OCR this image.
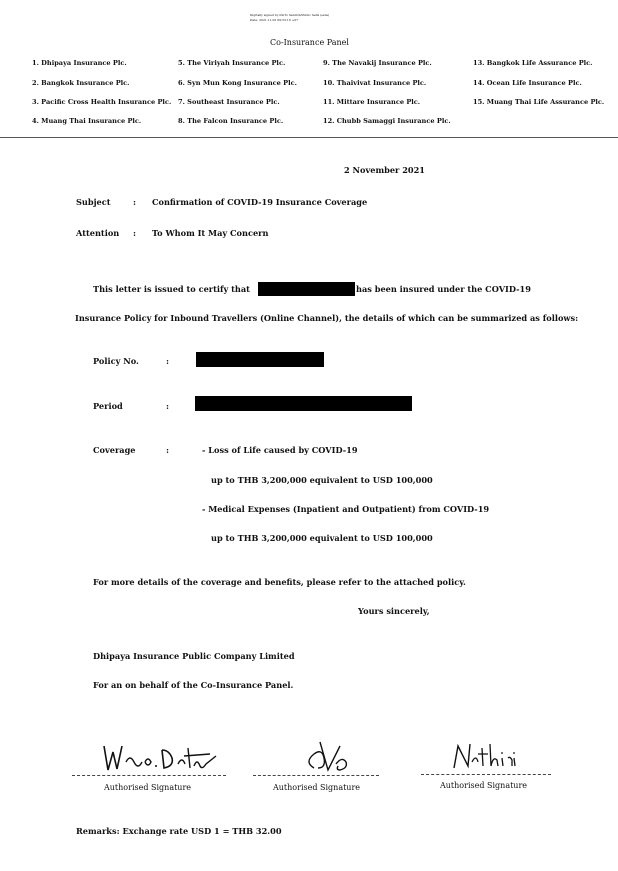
Digitally signed by nSiTo Sanitch/Public Sells (sens)
Date: 2021.11.02 09:53:16 +07
Co-Insurance Panel
1. Dhipaya Insurance Plc.	5. The Viriyah Insurance Plc.	9. The Navakij Insurance Plc.	13. Bangkok Life Assurance Plc.
2. Bangkok Insurance Plc.	6. Syn Mun Kong Insurance Plc.	10. Thaivivat Insurance Plc.	14. Ocean Life Insurance Plc.
3. Pacific Cross Health Insurance Plc. 7. Southeast Insurance Plc.	11. Mittare Insurance Plc.	15. Muang Thai Life Assurance Plc.
4. Muang Thai Insurance Plc.	8. The Falcon Insurance Plc.	12. Chubb Samaggi Insurance Plc.
2 November 2021
Subject	: Confirmation of COVID-19 Insurance Coverage
Attention : To Whom It May Concern
This letter is issued to certify that	has been insured under the COVID-19
Insurance Policy for Inbound Travellers (Online Channel), the details of which can be summarized as follows:
Policy No.	:
Period	:
Coverage	:	- Loss of Life caused by COVID-19
up to THB 3,200,000 equivalent to USD 100,000
- Medical Expenses (Inpatient and Outpatient) from COVID-19
up to THB 3,200,000 equivalent to USD 100,000
For more details of the coverage and benefits, please refer to the attached policy.
Yours sincerely,
Dhipaya Insurance Public Company Limited
For an on behalf of the Co-Insurance Panel.
Authorised Signature	Authorised Signature	Authorised Signature
Remarks: Exchange rate USD 1 = THB 32.00
